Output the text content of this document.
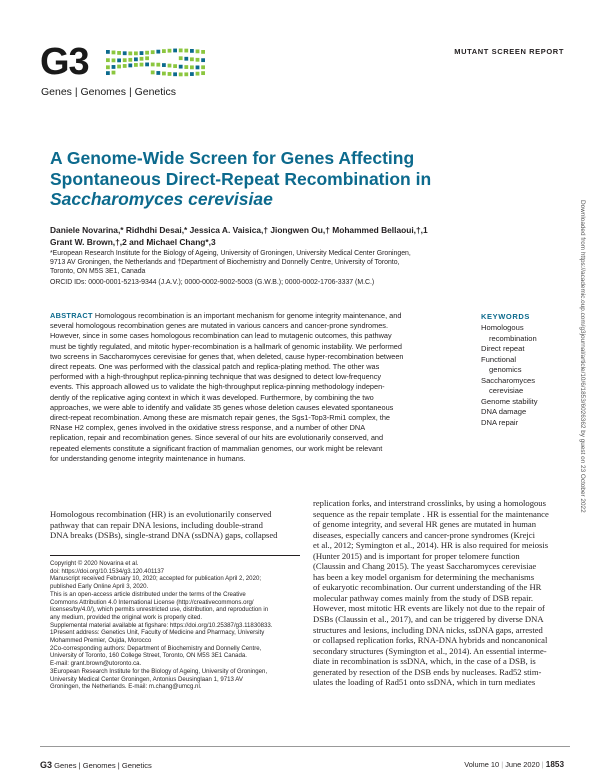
G3
Genes | Genomes | Genetics
MUTANT SCREEN REPORT
A Genome-Wide Screen for Genes Affecting
Spontaneous Direct-Repeat Recombination in
Saccharomyces cerevisiae
Daniele Novarina,* Ridhdhi Desai,* Jessica A. Vaisica,† Jiongwen Ou,† Mohammed Bellaoui,†,1
Grant W. Brown,†,2 and Michael Chang*,3
*European Research Institute for the Biology of Ageing, University of Groningen, University Medical Center Groningen,
9713 AV Groningen, the Netherlands and †Department of Biochemistry and Donnelly Centre, University of Toronto,
Toronto, ON M5S 3E1, Canada
ORCID IDs: 0000-0001-5213-9344 (J.A.V.); 0000-0002-9002-5003 (G.W.B.); 0000-0002-1706-3337 (M.C.)
ABSTRACT Homologous recombination is an important mechanism for genome integrity maintenance, and
several homologous recombination genes are mutated in various cancers and cancer-prone syndromes.
However, since in some cases homologous recombination can lead to mutagenic outcomes, this pathway
must be tightly regulated, and mitotic hyper-recombination is a hallmark of genomic instability. We performed
two screens in Saccharomyces cerevisiae for genes that, when deleted, cause hyper-recombination between
direct repeats. One was performed with the classical patch and replica-plating method. The other was
performed with a high-throughput replica-pinning technique that was designed to detect low-frequency
events. This approach allowed us to validate the high-throughput replica-pinning methodology indepen-
dently of the replicative aging context in which it was developed. Furthermore, by combining the two
approaches, we were able to identify and validate 35 genes whose deletion causes elevated spontaneous
direct-repeat recombination. Among these are mismatch repair genes, the Sgs1-Top3-Rmi1 complex, the
RNase H2 complex, genes involved in the oxidative stress response, and a number of other DNA
replication, repair and recombination genes. Since several of our hits are evolutionarily conserved, and
repeated elements constitute a significant fraction of mammalian genomes, our work might be relevant
for understanding genome integrity maintenance in humans.
KEYWORDS
Homologous
recombination
Direct repeat
Functional
genomics
Saccharomyces
cerevisiae
Genome stability
DNA damage
DNA repair	Downloaded from https://academic.oup.com/g3journal/article/10/6/1853/6026362 by guest on 23 October 2022
Homologous recombination (HR) is an evolutionarily conserved
pathway that can repair DNA lesions, including double-strand
DNA breaks (DSBs), single-strand DNA (ssDNA) gaps, collapsed
Copyright © 2020 Novarina et al.
doi: https://doi.org/10.1534/g3.120.401137
Manuscript received February 10, 2020; accepted for publication April 2, 2020;
published Early Online April 3, 2020.
This is an open-access article distributed under the terms of the Creative
Commons Attribution 4.0 International License (http://creativecommons.org/
licenses/by/4.0/), which permits unrestricted use, distribution, and reproduction in
any medium, provided the original work is properly cited.
Supplemental material available at figshare: https://doi.org/10.25387/g3.11830833.
1Present address: Genetics Unit, Faculty of Medicine and Pharmacy, University
Mohammed Premier, Oujda, Morocco
2Co-corresponding authors: Department of Biochemistry and Donnelly Centre,
University of Toronto, 160 College Street, Toronto, ON M5S 3E1 Canada.
E-mail: grant.brown@utoronto.ca.
3European Research Institute for the Biology of Ageing, University of Groningen,
University Medical Center Groningen, Antonius Deusinglaan 1, 9713 AV
Groningen, the Netherlands. E-mail: m.chang@umcg.nl.
replication forks, and interstrand crosslinks, by using a homologous
sequence as the repair template . HR is essential for the maintenance
of genome integrity, and several HR genes are mutated in human
diseases, especially cancers and cancer-prone syndromes (Krejci
et al., 2012; Symington et al., 2014). HR is also required for meiosis
(Hunter 2015) and is important for proper telomere function
(Claussin and Chang 2015). The yeast Saccharomyces cerevisiae
has been a key model organism for determining the mechanisms
of eukaryotic recombination. Our current understanding of the HR
molecular pathway comes mainly from the study of DSB repair.
However, most mitotic HR events are likely not due to the repair of
DSBs (Claussin et al., 2017), and can be triggered by diverse DNA
structures and lesions, including DNA nicks, ssDNA gaps, arrested
or collapsed replication forks, RNA-DNA hybrids and noncanonical
secondary structures (Symington et al., 2014). An essential interme-
diate in recombination is ssDNA, which, in the case of a DSB, is
generated by resection of the DSB ends by nucleases. Rad52 stim-
ulates the loading of Rad51 onto ssDNA, which in turn mediates
G3 Genes | Genomes | Genetics	Volume 10 | June 2020 | 1853
